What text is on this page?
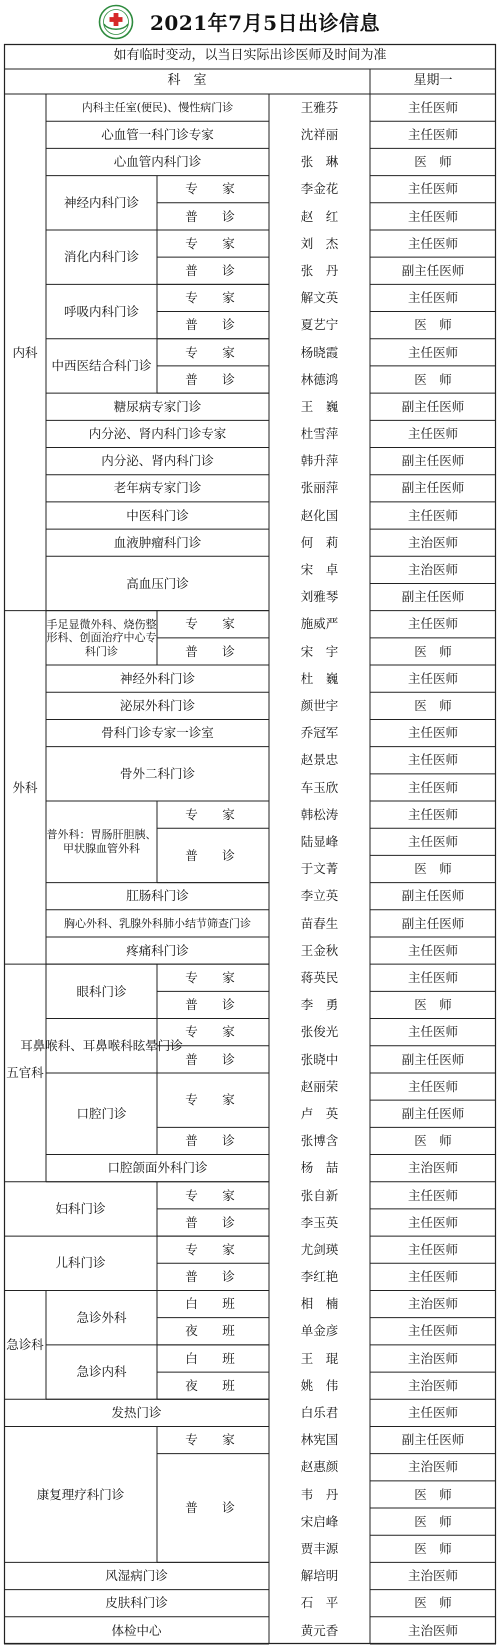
2021年7月5日出诊信息
如有临时变动，以当日实际出诊医师及时间为准
科　室	星期一
王雅芬
沈祥丽
张　琳
李金花
赵　红
刘　杰
张　丹
解文英
夏艺宁
杨晓霞
林德鸿
王　巍
杜雪萍
韩升萍
张丽萍
赵化国
何　莉
宋　卓
刘雅琴
施威严
宋　宇
杜　巍
颜世宇
乔冠军
赵景忠
车玉欣
韩松涛
陆显峰
于文菁
李立英
苗春生
王金秋
蒋英民
李　勇
张俊光
张晓中
赵丽荣
卢　英
张博含
杨　喆
张自新
李玉英
尤剑瑛
李红艳
相　楠
单金彦
王　琨
姚　伟
白乐君
林宪国
赵惠颜
韦　丹
宋启峰
贾丰源
解培明
石　平
黄元香
主任医师
主任医师
医　师
主任医师
主任医师
主任医师
副主任医师
主任医师
医　师
主任医师
医　师
副主任医师
主任医师
副主任医师
副主任医师
主任医师
主治医师
主治医师
副主任医师
主任医师
医　师
主任医师
医　师
主任医师
主任医师
主任医师
主任医师
主任医师
医　师
副主任医师
副主任医师
主任医师
主任医师
医　师
主任医师
副主任医师
主任医师
副主任医师
医　师
主治医师
主任医师
主任医师
主任医师
主任医师
主治医师
主任医师
主治医师
主治医师
主任医师
副主任医师
主治医师
医　师
医　师
医　师
主治医师
医　师
主治医师
内科
外科
五官科
急诊科
内科主任室(便民)、慢性病门诊
心血管一科门诊专家
心血管内科门诊
神经内科门诊
消化内科门诊
呼吸内科门诊
中西医结合科门诊
糖尿病专家门诊
内分泌、肾内科门诊专家
内分泌、肾内科门诊
老年病专家门诊
中医科门诊
血液肿瘤科门诊
高血压门诊
手足显微外科、烧伤整形科、创面治疗中心专科门诊
神经外科门诊
泌尿外科门诊
骨科门诊专家一诊室
骨外二科门诊
普外科：胃肠肝胆胰、甲状腺血管外科
肛肠科门诊
胸心外科、乳腺外科肺小结节筛查门诊
疼痛科门诊
眼科门诊
耳鼻喉科、耳鼻喉科眩晕门诊
口腔门诊
口腔颌面外科门诊
妇科门诊
儿科门诊
急诊外科
急诊内科
发热门诊
康复理疗科门诊
风湿病门诊
皮肤科门诊
体检中心
专　家
普　诊
专　家
普　诊
专　家
普　诊
专　家
普　诊
专　家
普　诊
专　家
普　诊
专　家
普　诊
专　家
普　诊
专　家
普　诊
专　家
普　诊
专　家
普　诊
白　班
夜　班
白　班
夜　班
专　家
普　诊
